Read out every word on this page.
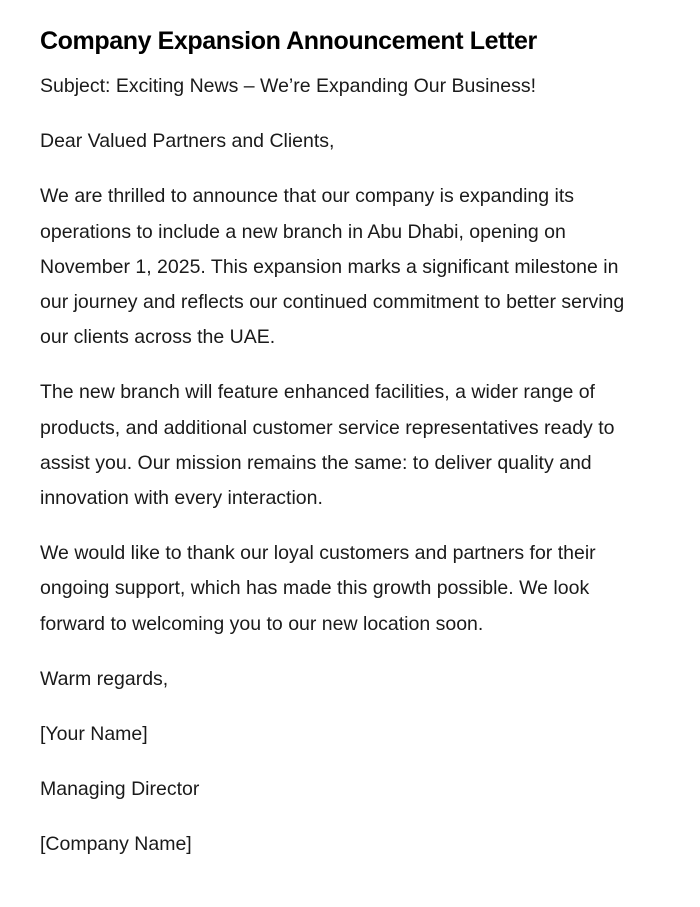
Company Expansion Announcement Letter

Subject: Exciting News – We’re Expanding Our Business!

Dear Valued Partners and Clients,

We are thrilled to announce that our company is expanding its operations to include a new branch in Abu Dhabi, opening on November 1, 2025. This expansion marks a significant milestone in our journey and reflects our continued commitment to better serving our clients across the UAE.

The new branch will feature enhanced facilities, a wider range of products, and additional customer service representatives ready to assist you. Our mission remains the same: to deliver quality and innovation with every interaction.

We would like to thank our loyal customers and partners for their ongoing support, which has made this growth possible. We look forward to welcoming you to our new location soon.

Warm regards,

[Your Name]

Managing Director

[Company Name]
